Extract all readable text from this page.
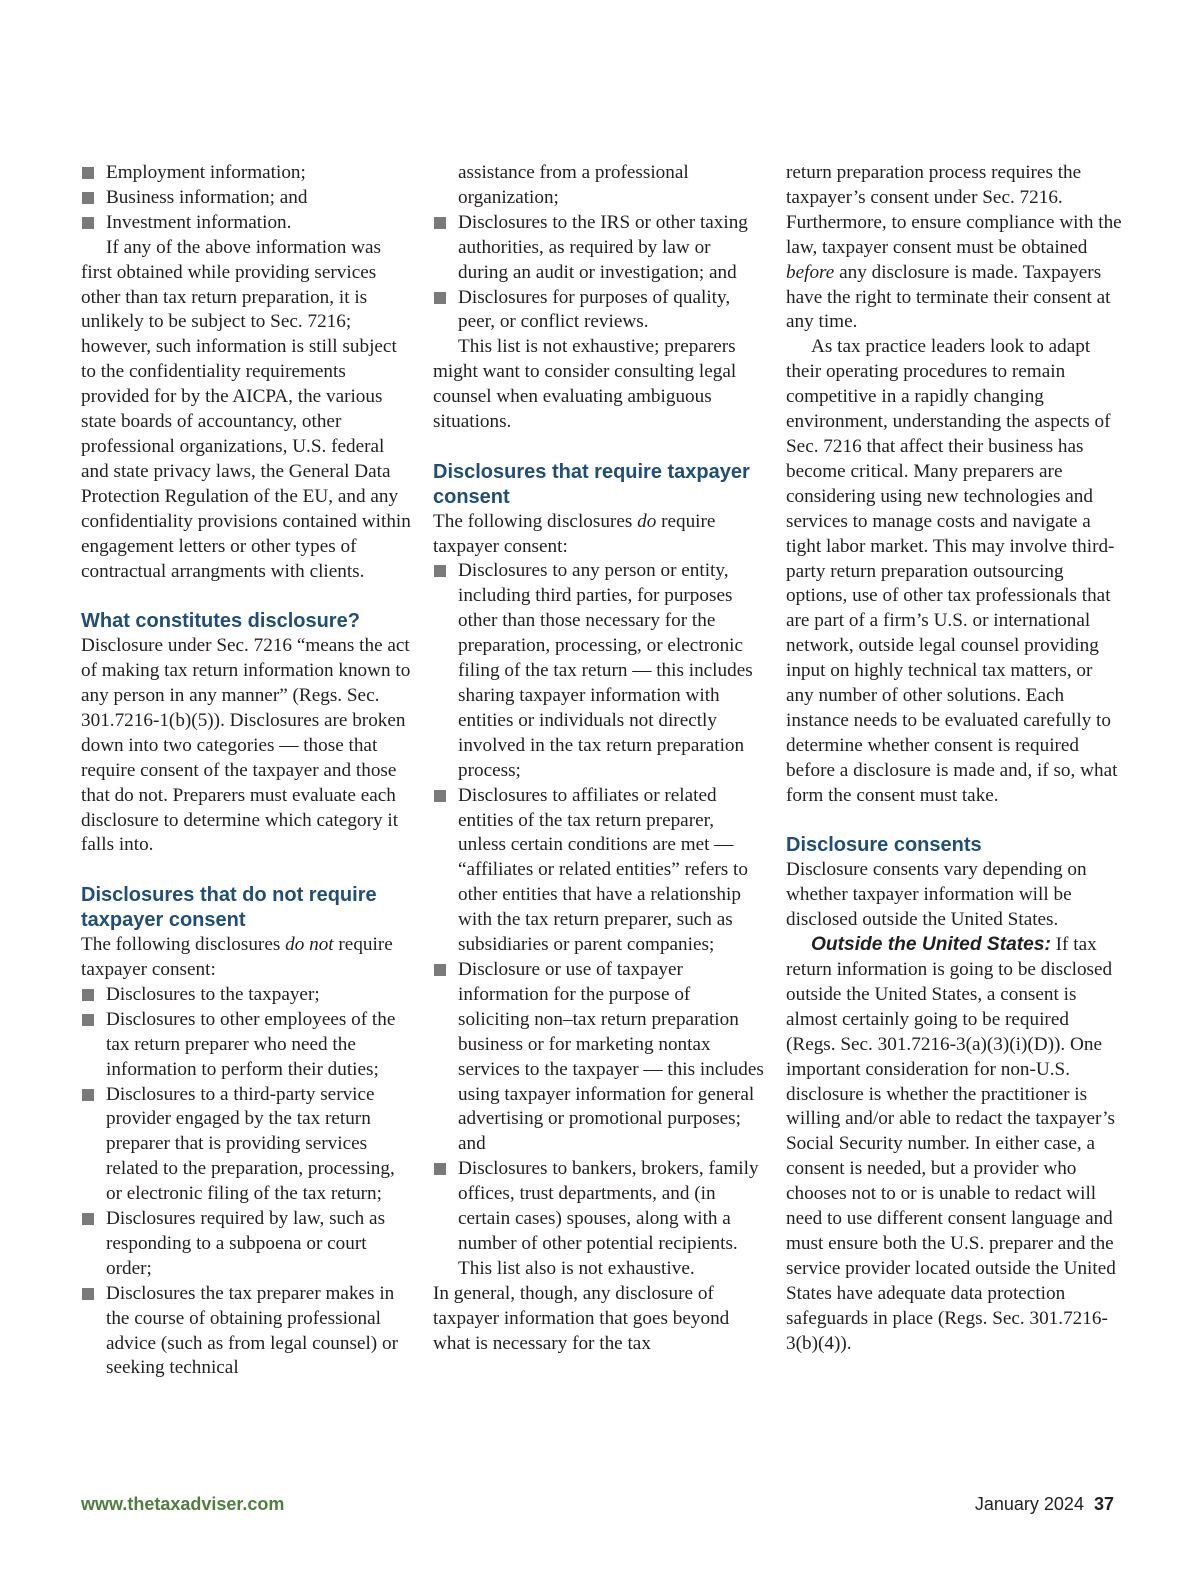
Employment information;
Business information; and
Investment information.

If any of the above information was first obtained while providing services other than tax return preparation, it is unlikely to be subject to Sec. 7216; however, such information is still subject to the confidentiality requirements provided for by the AICPA, the various state boards of accountancy, other professional organizations, U.S. federal and state privacy laws, the General Data Protection Regulation of the EU, and any confidentiality provisions contained within engagement letters or other types of contractual arrangments with clients.

What constitutes disclosure?

Disclosure under Sec. 7216 “means the act of making tax return information known to any person in any manner” (Regs. Sec. 301.7216-1(b)(5)). Disclosures are broken down into two categories — those that require consent of the taxpayer and those that do not. Preparers must evaluate each disclosure to determine which category it falls into.

Disclosures that do not require taxpayer consent

The following disclosures do not require taxpayer consent:

Disclosures to the taxpayer;
Disclosures to other employees of the tax return preparer who need the information to perform their duties;
Disclosures to a third-party service provider engaged by the tax return preparer that is providing services related to the preparation, processing, or electronic filing of the tax return;
Disclosures required by law, such as responding to a subpoena or court order;
Disclosures the tax preparer makes in the course of obtaining professional advice (such as from legal counsel) or seeking technical
assistance from a professional organization;
Disclosures to the IRS or other taxing authorities, as required by law or during an audit or investigation; and
Disclosures for purposes of quality, peer, or conflict reviews.

This list is not exhaustive; preparers might want to consider consulting legal counsel when evaluating ambiguous situations.

Disclosures that require taxpayer consent

The following disclosures do require taxpayer consent:

Disclosures to any person or entity, including third parties, for purposes other than those necessary for the preparation, processing, or electronic filing of the tax return — this includes sharing taxpayer information with entities or individuals not directly involved in the tax return preparation process;
Disclosures to affiliates or related entities of the tax return preparer, unless certain conditions are met — “affiliates or related entities” refers to other entities that have a relationship with the tax return preparer, such as subsidiaries or parent companies;
Disclosure or use of taxpayer information for the purpose of soliciting non–tax return preparation business or for marketing nontax services to the taxpayer — this includes using taxpayer information for general advertising or promotional purposes; and
Disclosures to bankers, brokers, family offices, trust departments, and (in certain cases) spouses, along with a number of other potential recipients.

This list also is not exhaustive.

In general, though, any disclosure of taxpayer information that goes beyond what is necessary for the tax

return preparation process requires the taxpayer’s consent under Sec. 7216. Furthermore, to ensure compliance with the law, taxpayer consent must be obtained before any disclosure is made. Taxpayers have the right to terminate their consent at any time.

As tax practice leaders look to adapt their operating procedures to remain competitive in a rapidly changing environment, understanding the aspects of Sec. 7216 that affect their business has become critical. Many preparers are considering using new technologies and services to manage costs and navigate a tight labor market. This may involve third-party return preparation outsourcing options, use of other tax professionals that are part of a firm’s U.S. or international network, outside legal counsel providing input on highly technical tax matters, or any number of other solutions. Each instance needs to be evaluated carefully to determine whether consent is required before a disclosure is made and, if so, what form the consent must take.

Disclosure consents

Disclosure consents vary depending on whether taxpayer information will be disclosed outside the United States.

Outside the United States: If tax return information is going to be disclosed outside the United States, a consent is almost certainly going to be required (Regs. Sec. 301.7216-3(a)(3)(i)(D)). One important consideration for non-U.S. disclosure is whether the practitioner is willing and/or able to redact the taxpayer’s Social Security number. In either case, a consent is needed, but a provider who chooses not to or is unable to redact will need to use different consent language and must ensure both the U.S. preparer and the service provider located outside the United States have adequate data protection safeguards in place (Regs. Sec. 301.7216-3(b)(4)).

www.thetaxadviser.com	January 2024 37
